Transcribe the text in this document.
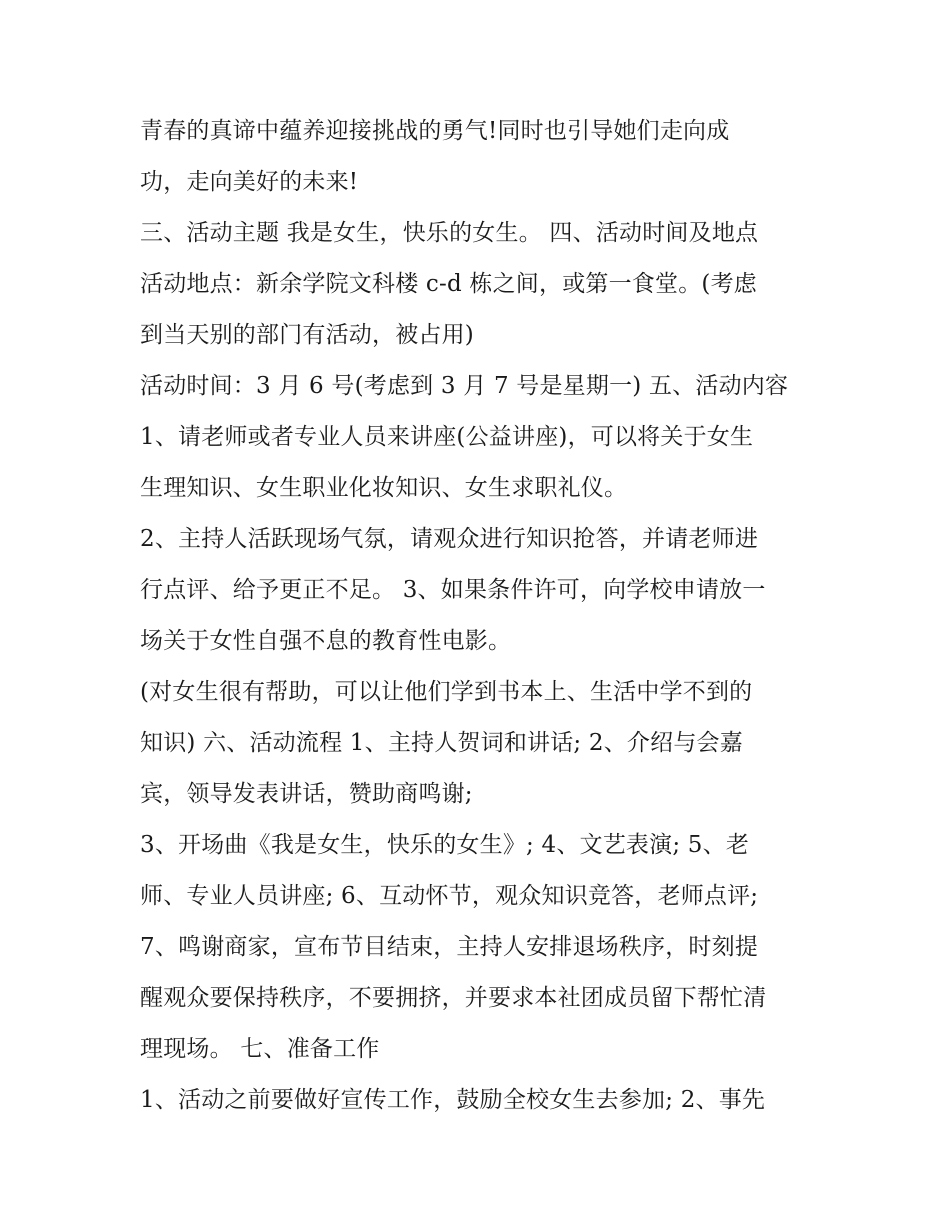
青春的真谛中蕴养迎接挑战的勇气!同时也引导她们走向成
功，走向美好的未来!
三、活动主题 我是女生，快乐的女生。 四、活动时间及地点
活动地点：新余学院文科楼 c-d 栋之间，或第一食堂。(考虑
到当天别的部门有活动，被占用)
活动时间：3 月 6 号(考虑到 3 月 7 号是星期一) 五、活动内容
1、请老师或者专业人员来讲座(公益讲座)，可以将关于女生
生理知识、女生职业化妆知识、女生求职礼仪。
2、主持人活跃现场气氛，请观众进行知识抢答，并请老师进
行点评、给予更正不足。 3、如果条件许可，向学校申请放一
场关于女性自强不息的教育性电影。
(对女生很有帮助，可以让他们学到书本上、生活中学不到的
知识) 六、活动流程 1、主持人贺词和讲话; 2、介绍与会嘉
宾，领导发表讲话，赞助商鸣谢;
3、开场曲《我是女生，快乐的女生》; 4、文艺表演; 5、老
师、专业人员讲座; 6、互动怀节，观众知识竞答，老师点评;
7、鸣谢商家，宣布节目结束，主持人安排退场秩序，时刻提
醒观众要保持秩序，不要拥挤，并要求本社团成员留下帮忙清
理现场。 七、准备工作
1、活动之前要做好宣传工作，鼓励全校女生去参加; 2、事先
